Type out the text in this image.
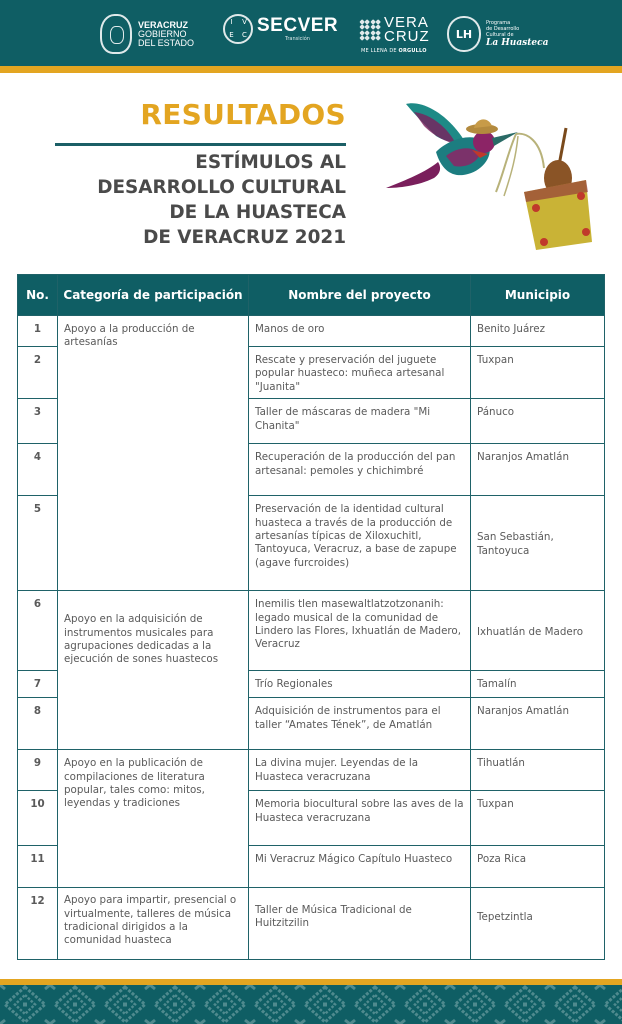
VERACRUZ
GOBIERNO
DEL ESTADO
I	V
E	C SECVER
Transición
VERA
CRUZ
ME LLENA DE ORGULLO
LH
Programa
de Desarrollo
Cultural de
La Huasteca
RESULTADOS
ESTÍMULOS AL
DESARROLLO CULTURAL
DE LA HUASTECA
DE VERACRUZ 2021
No.	Categoría de participación	Nombre del proyecto	Municipio
1	Apoyo a la producción de artesanías	Manos de oro	Benito Juárez
2		Rescate y preservación del juguete popular huasteco: muñeca artesanal "Juanita"	Tuxpan
3		Taller de máscaras de madera "Mi Chanita"	Pánuco
4		Recuperación de la producción del pan artesanal: pemoles y chichimbré	Naranjos Amatlán
5		Preservación de la identidad cultural huasteca a través de la producción de artesanías típicas de Xiloxuchitl, Tantoyuca, Veracruz, a base de zapupe (agave furcroides)	San Sebastián, Tantoyuca
6	Apoyo en la adquisición de instrumentos musicales para agrupaciones dedicadas a la ejecución de sones huastecos	Inemilis tlen masewaltlatzotzonanih: legado musical de la comunidad de Lindero las Flores, Ixhuatlán de Madero, Veracruz	Ixhuatlán de Madero
7		Trío Regionales	Tamalín
8		Adquisición de instrumentos para el taller “Amates Tének”, de Amatlán	Naranjos Amatlán
9	Apoyo en la publicación de compilaciones de literatura popular, tales como: mitos, leyendas y tradiciones	La divina mujer. Leyendas de la Huasteca veracruzana	Tihuatlán
10		Memoria biocultural sobre las aves de la Huasteca veracruzana	Tuxpan
11		Mi Veracruz Mágico Capítulo Huasteco	Poza Rica
12	Apoyo para impartir, presencial o virtualmente, talleres de música tradicional dirigidos a la comunidad huasteca	Taller de Música Tradicional de Huitzitzilin	Tepetzintla
